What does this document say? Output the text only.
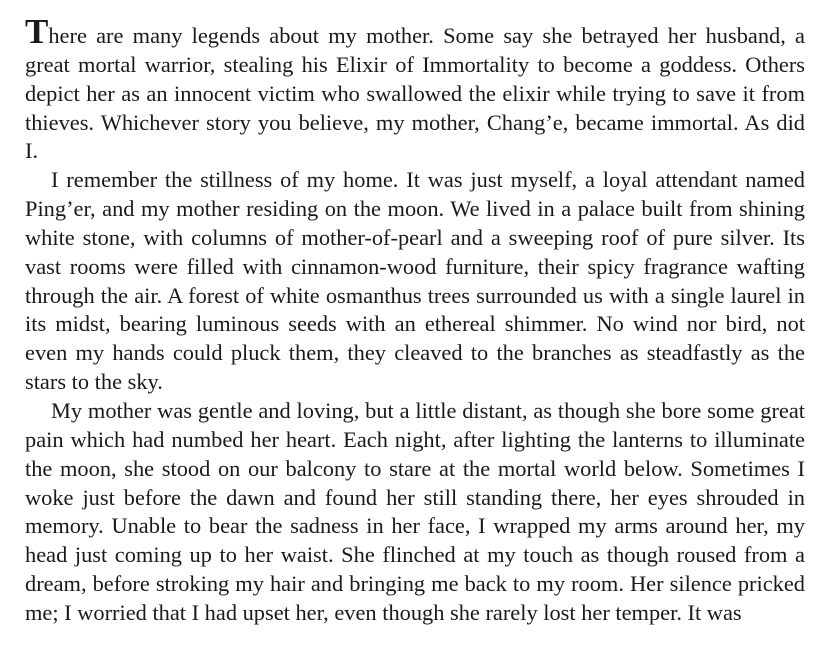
There are many legends about my mother. Some say she betrayed her husband, a great mortal warrior, stealing his Elixir of Immortality to become a goddess. Others depict her as an innocent victim who swallowed the elixir while trying to save it from thieves. Whichever story you believe, my mother, Chang’e, became immortal. As did I.

I remember the stillness of my home. It was just myself, a loyal attendant named Ping’er, and my mother residing on the moon. We lived in a palace built from shining white stone, with columns of mother-of-pearl and a sweeping roof of pure silver. Its vast rooms were filled with cinnamon-wood furniture, their spicy fragrance wafting through the air. A forest of white osmanthus trees surrounded us with a single laurel in its midst, bearing luminous seeds with an ethereal shimmer. No wind nor bird, not even my hands could pluck them, they cleaved to the branches as steadfastly as the stars to the sky.

My mother was gentle and loving, but a little distant, as though she bore some great pain which had numbed her heart. Each night, after lighting the lanterns to illuminate the moon, she stood on our balcony to stare at the mortal world below. Sometimes I woke just before the dawn and found her still standing there, her eyes shrouded in memory. Unable to bear the sadness in her face, I wrapped my arms around her, my head just coming up to her waist. She flinched at my touch as though roused from a dream, before stroking my hair and bringing me back to my room. Her silence pricked me; I worried that I had upset her, even though she rarely lost her temper. It was
